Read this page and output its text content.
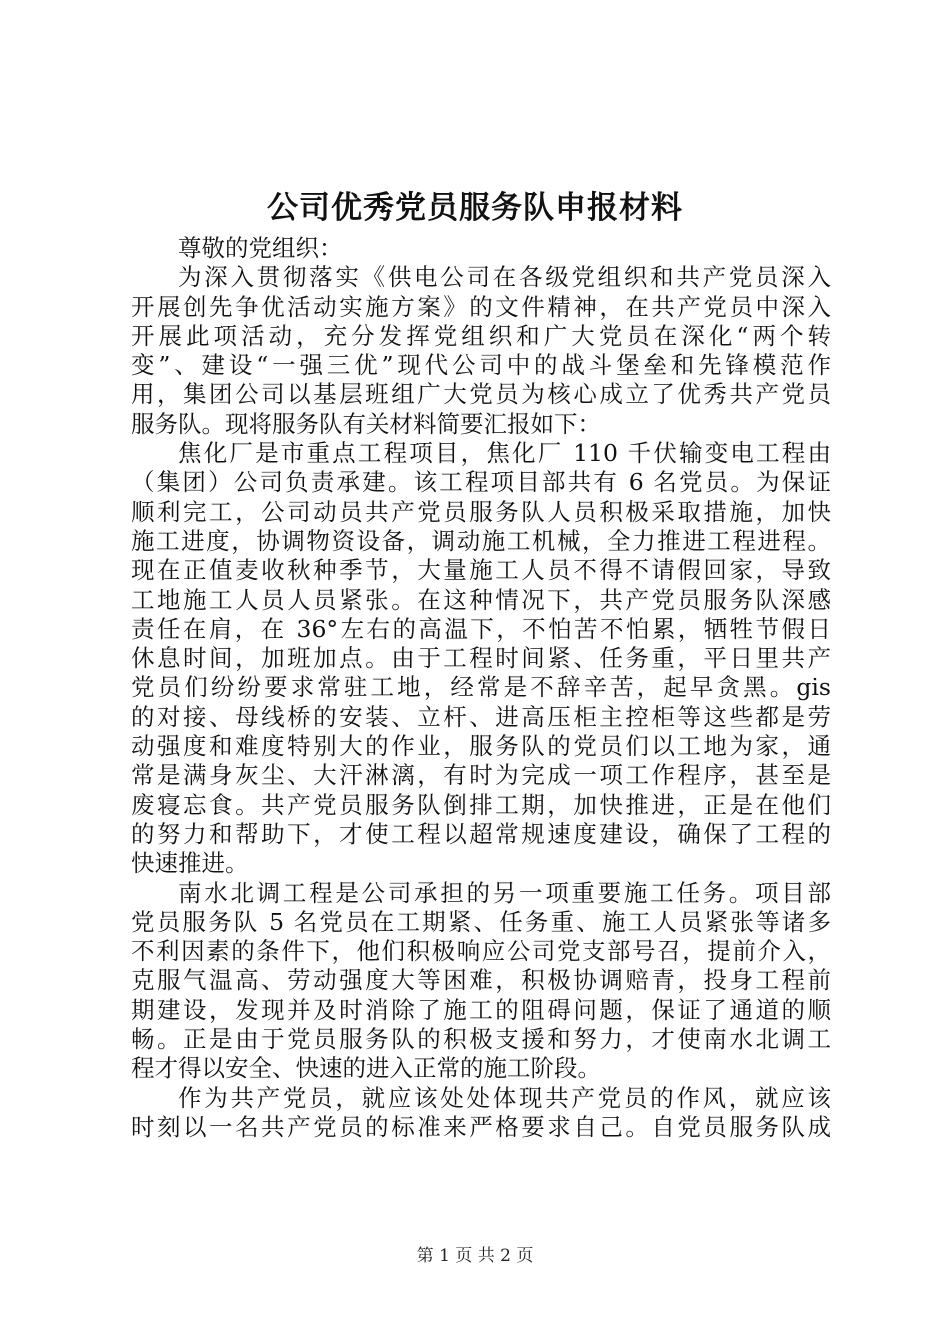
公司优秀党员服务队申报材料
尊敬的党组织：
为深入贯彻落实《供电公司在各级党组织和共产党员深入
开展创先争优活动实施方案》的文件精神，在共产党员中深入
开展此项活动，充分发挥党组织和广大党员在深化“两个转
变”、建设“一强三优”现代公司中的战斗堡垒和先锋模范作
用，集团公司以基层班组广大党员为核心成立了优秀共产党员
服务队。现将服务队有关材料简要汇报如下：
焦化厂是市重点工程项目，焦化厂 110 千伏输变电工程由
（集团）公司负责承建。该工程项目部共有 6 名党员。为保证
顺利完工，公司动员共产党员服务队人员积极采取措施，加快
施工进度，协调物资设备，调动施工机械，全力推进工程进程。
现在正值麦收秋种季节，大量施工人员不得不请假回家，导致
工地施工人员人员紧张。在这种情况下，共产党员服务队深感
责任在肩，在 36°左右的高温下，不怕苦不怕累，牺牲节假日
休息时间，加班加点。由于工程时间紧、任务重，平日里共产
党员们纷纷要求常驻工地，经常是不辞辛苦，起早贪黑。gis
的对接、母线桥的安装、立杆、进高压柜主控柜等这些都是劳
动强度和难度特别大的作业，服务队的党员们以工地为家，通
常是满身灰尘、大汗淋漓，有时为完成一项工作程序，甚至是
废寝忘食。共产党员服务队倒排工期，加快推进，正是在他们
的努力和帮助下，才使工程以超常规速度建设，确保了工程的
快速推进。
南水北调工程是公司承担的另一项重要施工任务。项目部
党员服务队 5 名党员在工期紧、任务重、施工人员紧张等诸多
不利因素的条件下，他们积极响应公司党支部号召，提前介入，
克服气温高、劳动强度大等困难，积极协调赔青，投身工程前
期建设，发现并及时消除了施工的阻碍问题，保证了通道的顺
畅。正是由于党员服务队的积极支援和努力，才使南水北调工
程才得以安全、快速的进入正常的施工阶段。
作为共产党员，就应该处处体现共产党员的作风，就应该
时刻以一名共产党员的标准来严格要求自己。自党员服务队成
第 1 页 共 2 页
